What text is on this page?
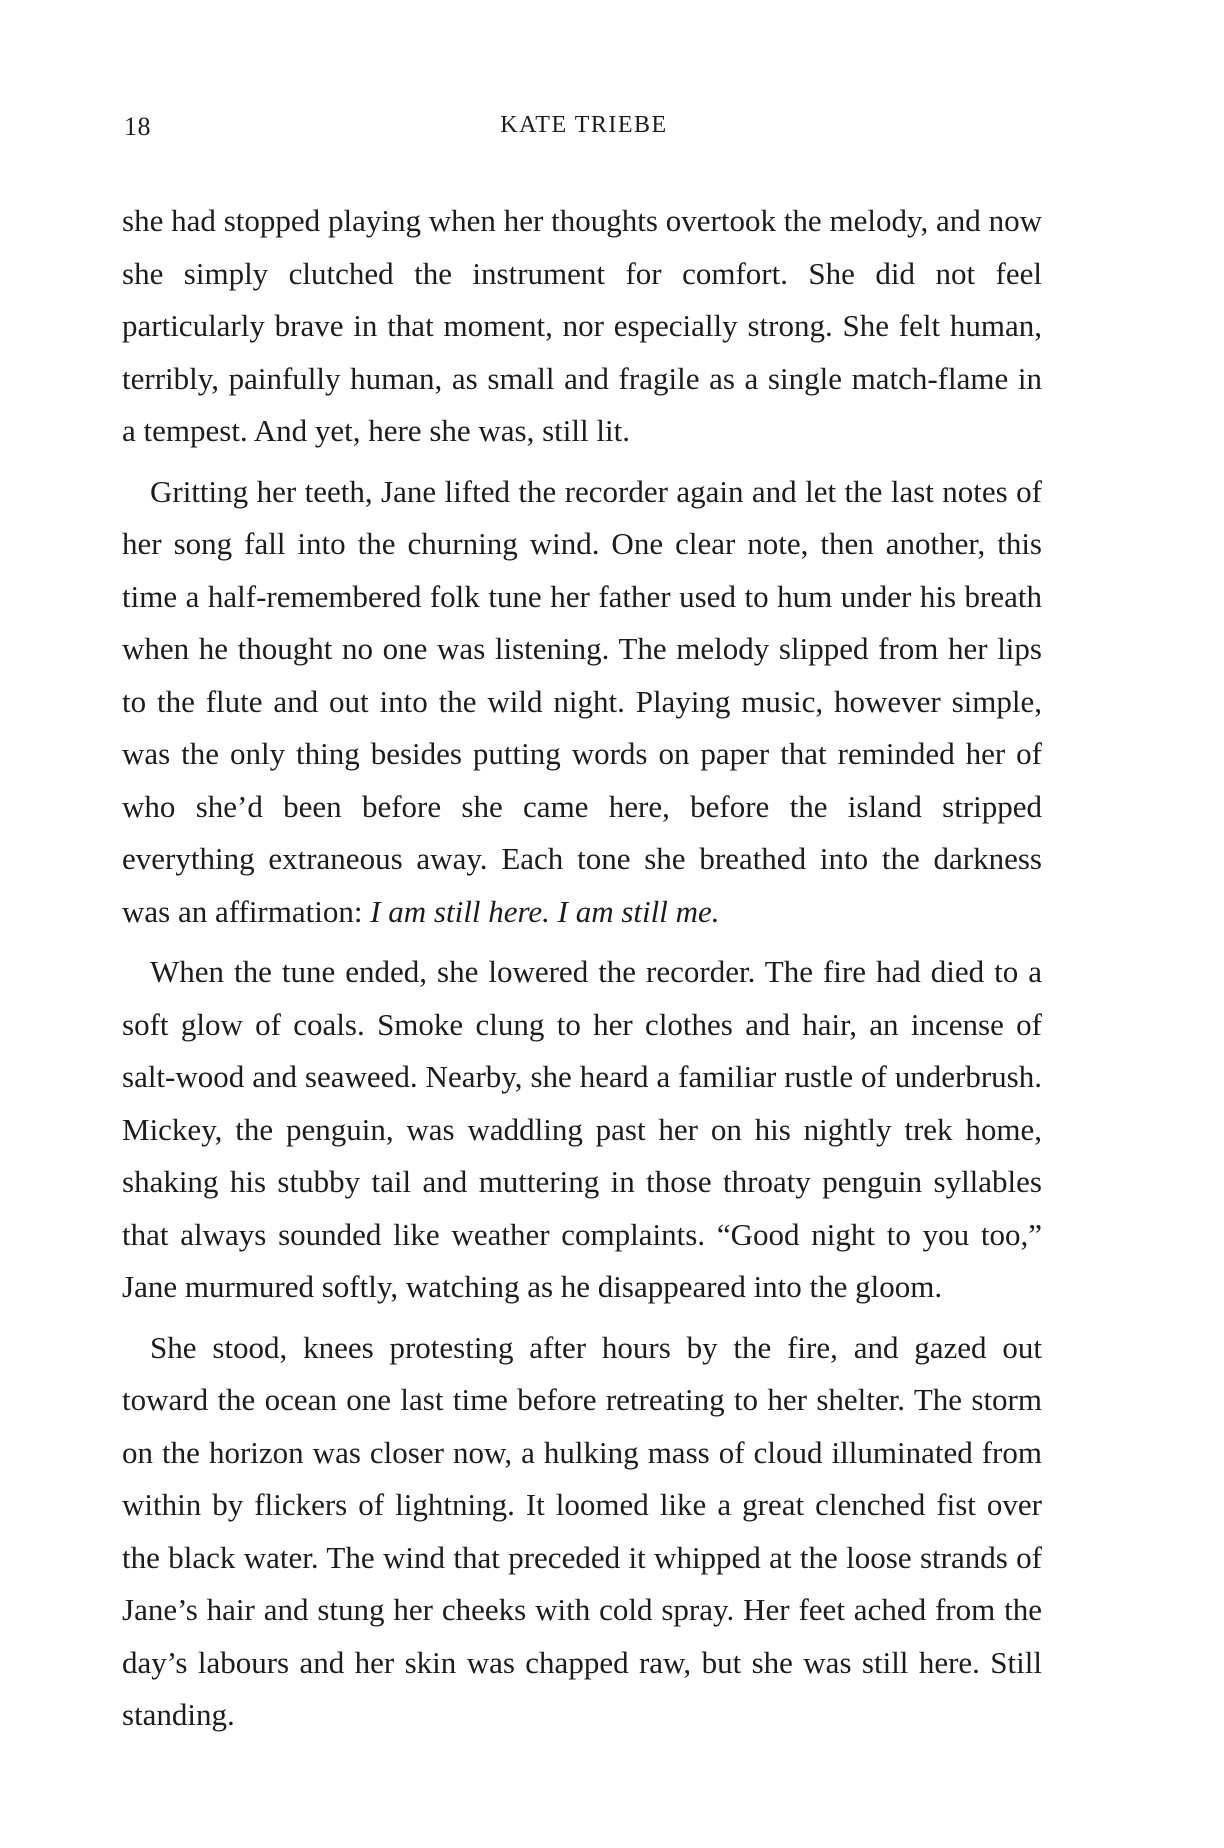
18	KATE TRIEBE

she had stopped playing when her thoughts overtook the melody, and now she simply clutched the instrument for comfort. She did not feel particularly brave in that moment, nor especially strong. She felt human, terribly, painfully human, as small and fragile as a single match-flame in a tempest. And yet, here she was, still lit.

Gritting her teeth, Jane lifted the recorder again and let the last notes of her song fall into the churning wind. One clear note, then another, this time a half-remembered folk tune her father used to hum under his breath when he thought no one was listening. The melody slipped from her lips to the flute and out into the wild night. Playing music, however simple, was the only thing besides putting words on paper that reminded her of who she’d been before she came here, before the island stripped everything extraneous away. Each tone she breathed into the darkness was an affirmation: I am still here. I am still me.

When the tune ended, she lowered the recorder. The fire had died to a soft glow of coals. Smoke clung to her clothes and hair, an incense of salt-wood and seaweed. Nearby, she heard a familiar rustle of underbrush. Mickey, the penguin, was waddling past her on his nightly trek home, shaking his stubby tail and muttering in those throaty penguin syllables that always sounded like weather complaints. “Good night to you too,” Jane murmured softly, watching as he disappeared into the gloom.

She stood, knees protesting after hours by the fire, and gazed out toward the ocean one last time before retreating to her shelter. The storm on the horizon was closer now, a hulking mass of cloud illuminated from within by flickers of lightning. It loomed like a great clenched fist over the black water. The wind that preceded it whipped at the loose strands of Jane’s hair and stung her cheeks with cold spray. Her feet ached from the day’s labours and her skin was chapped raw, but she was still here. Still standing.
